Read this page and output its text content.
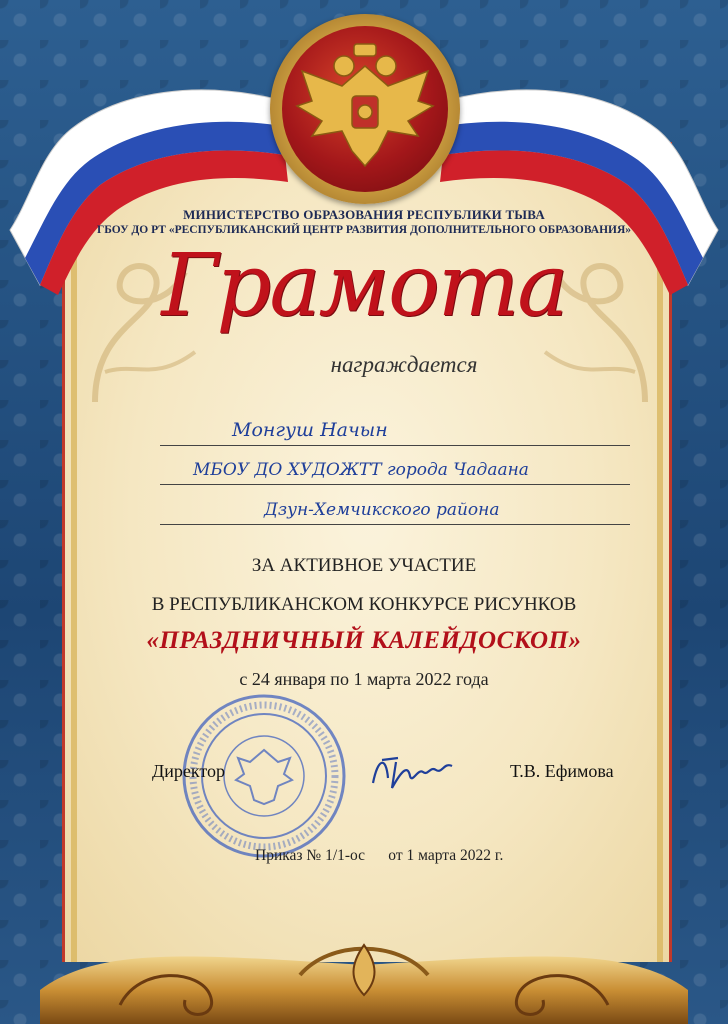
МИНИСТЕРСТВО ОБРАЗОВАНИЯ РЕСПУБЛИКИ ТЫВА
ГБОУ ДО РТ «РЕСПУБЛИКАНСКИЙ ЦЕНТР РАЗВИТИЯ ДОПОЛНИТЕЛЬНОГО ОБРАЗОВАНИЯ»
Грамота
награждается
Монгуш Начын
МБОУ ДО ХУДОЖТТ города Чадаана
Дзун-Хемчикского района
ЗА АКТИВНОЕ УЧАСТИЕ
В РЕСПУБЛИКАНСКОМ КОНКУРСЕ РИСУНКОВ
«ПРАЗДНИЧНЫЙ КАЛЕЙДОСКОП»
с 24 января по 1 марта 2022 года
Директор	Т.В. Ефимова
Приказ № 1/1-ос      от 1 марта 2022 г.
